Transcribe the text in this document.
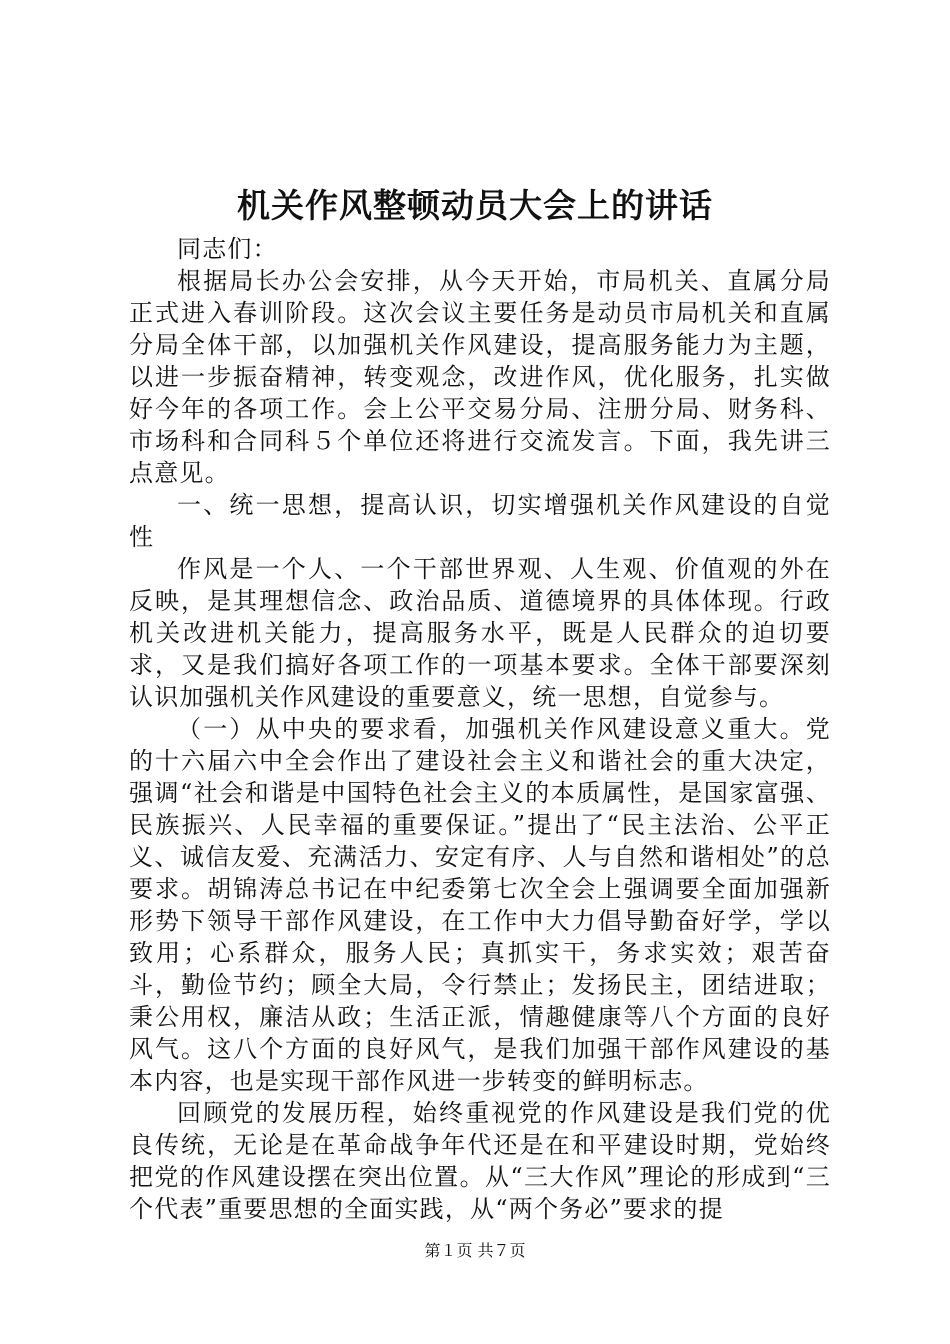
机关作风整顿动员大会上的讲话

同志们：

根据局长办公会安排，从今天开始，市局机关、直属分局正式进入春训阶段。这次会议主要任务是动员市局机关和直属分局全体干部，以加强机关作风建设，提高服务能力为主题，以进一步振奋精神，转变观念，改进作风，优化服务，扎实做好今年的各项工作。会上公平交易分局、注册分局、财务科、市场科和合同科５个单位还将进行交流发言。下面，我先讲三点意见。

一、统一思想，提高认识，切实增强机关作风建设的自觉性

作风是一个人、一个干部世界观、人生观、价值观的外在反映，是其理想信念、政治品质、道德境界的具体体现。行政机关改进机关能力，提高服务水平，既是人民群众的迫切要求，又是我们搞好各项工作的一项基本要求。全体干部要深刻认识加强机关作风建设的重要意义，统一思想，自觉参与。

（一）从中央的要求看，加强机关作风建设意义重大。党的十六届六中全会作出了建设社会主义和谐社会的重大决定，强调“社会和谐是中国特色社会主义的本质属性，是国家富强、民族振兴、人民幸福的重要保证。”提出了“民主法治、公平正义、诚信友爱、充满活力、安定有序、人与自然和谐相处”的总要求。胡锦涛总书记在中纪委第七次全会上强调要全面加强新形势下领导干部作风建设，在工作中大力倡导勤奋好学，学以致用；心系群众，服务人民；真抓实干，务求实效；艰苦奋斗，勤俭节约；顾全大局，令行禁止；发扬民主，团结进取；秉公用权，廉洁从政；生活正派，情趣健康等八个方面的良好风气。这八个方面的良好风气，是我们加强干部作风建设的基本内容，也是实现干部作风进一步转变的鲜明标志。

回顾党的发展历程，始终重视党的作风建设是我们党的优良传统，无论是在革命战争年代还是在和平建设时期，党始终把党的作风建设摆在突出位置。从“三大作风”理论的形成到“三个代表”重要思想的全面实践，从“两个务必”要求的提

第１页 共７页
